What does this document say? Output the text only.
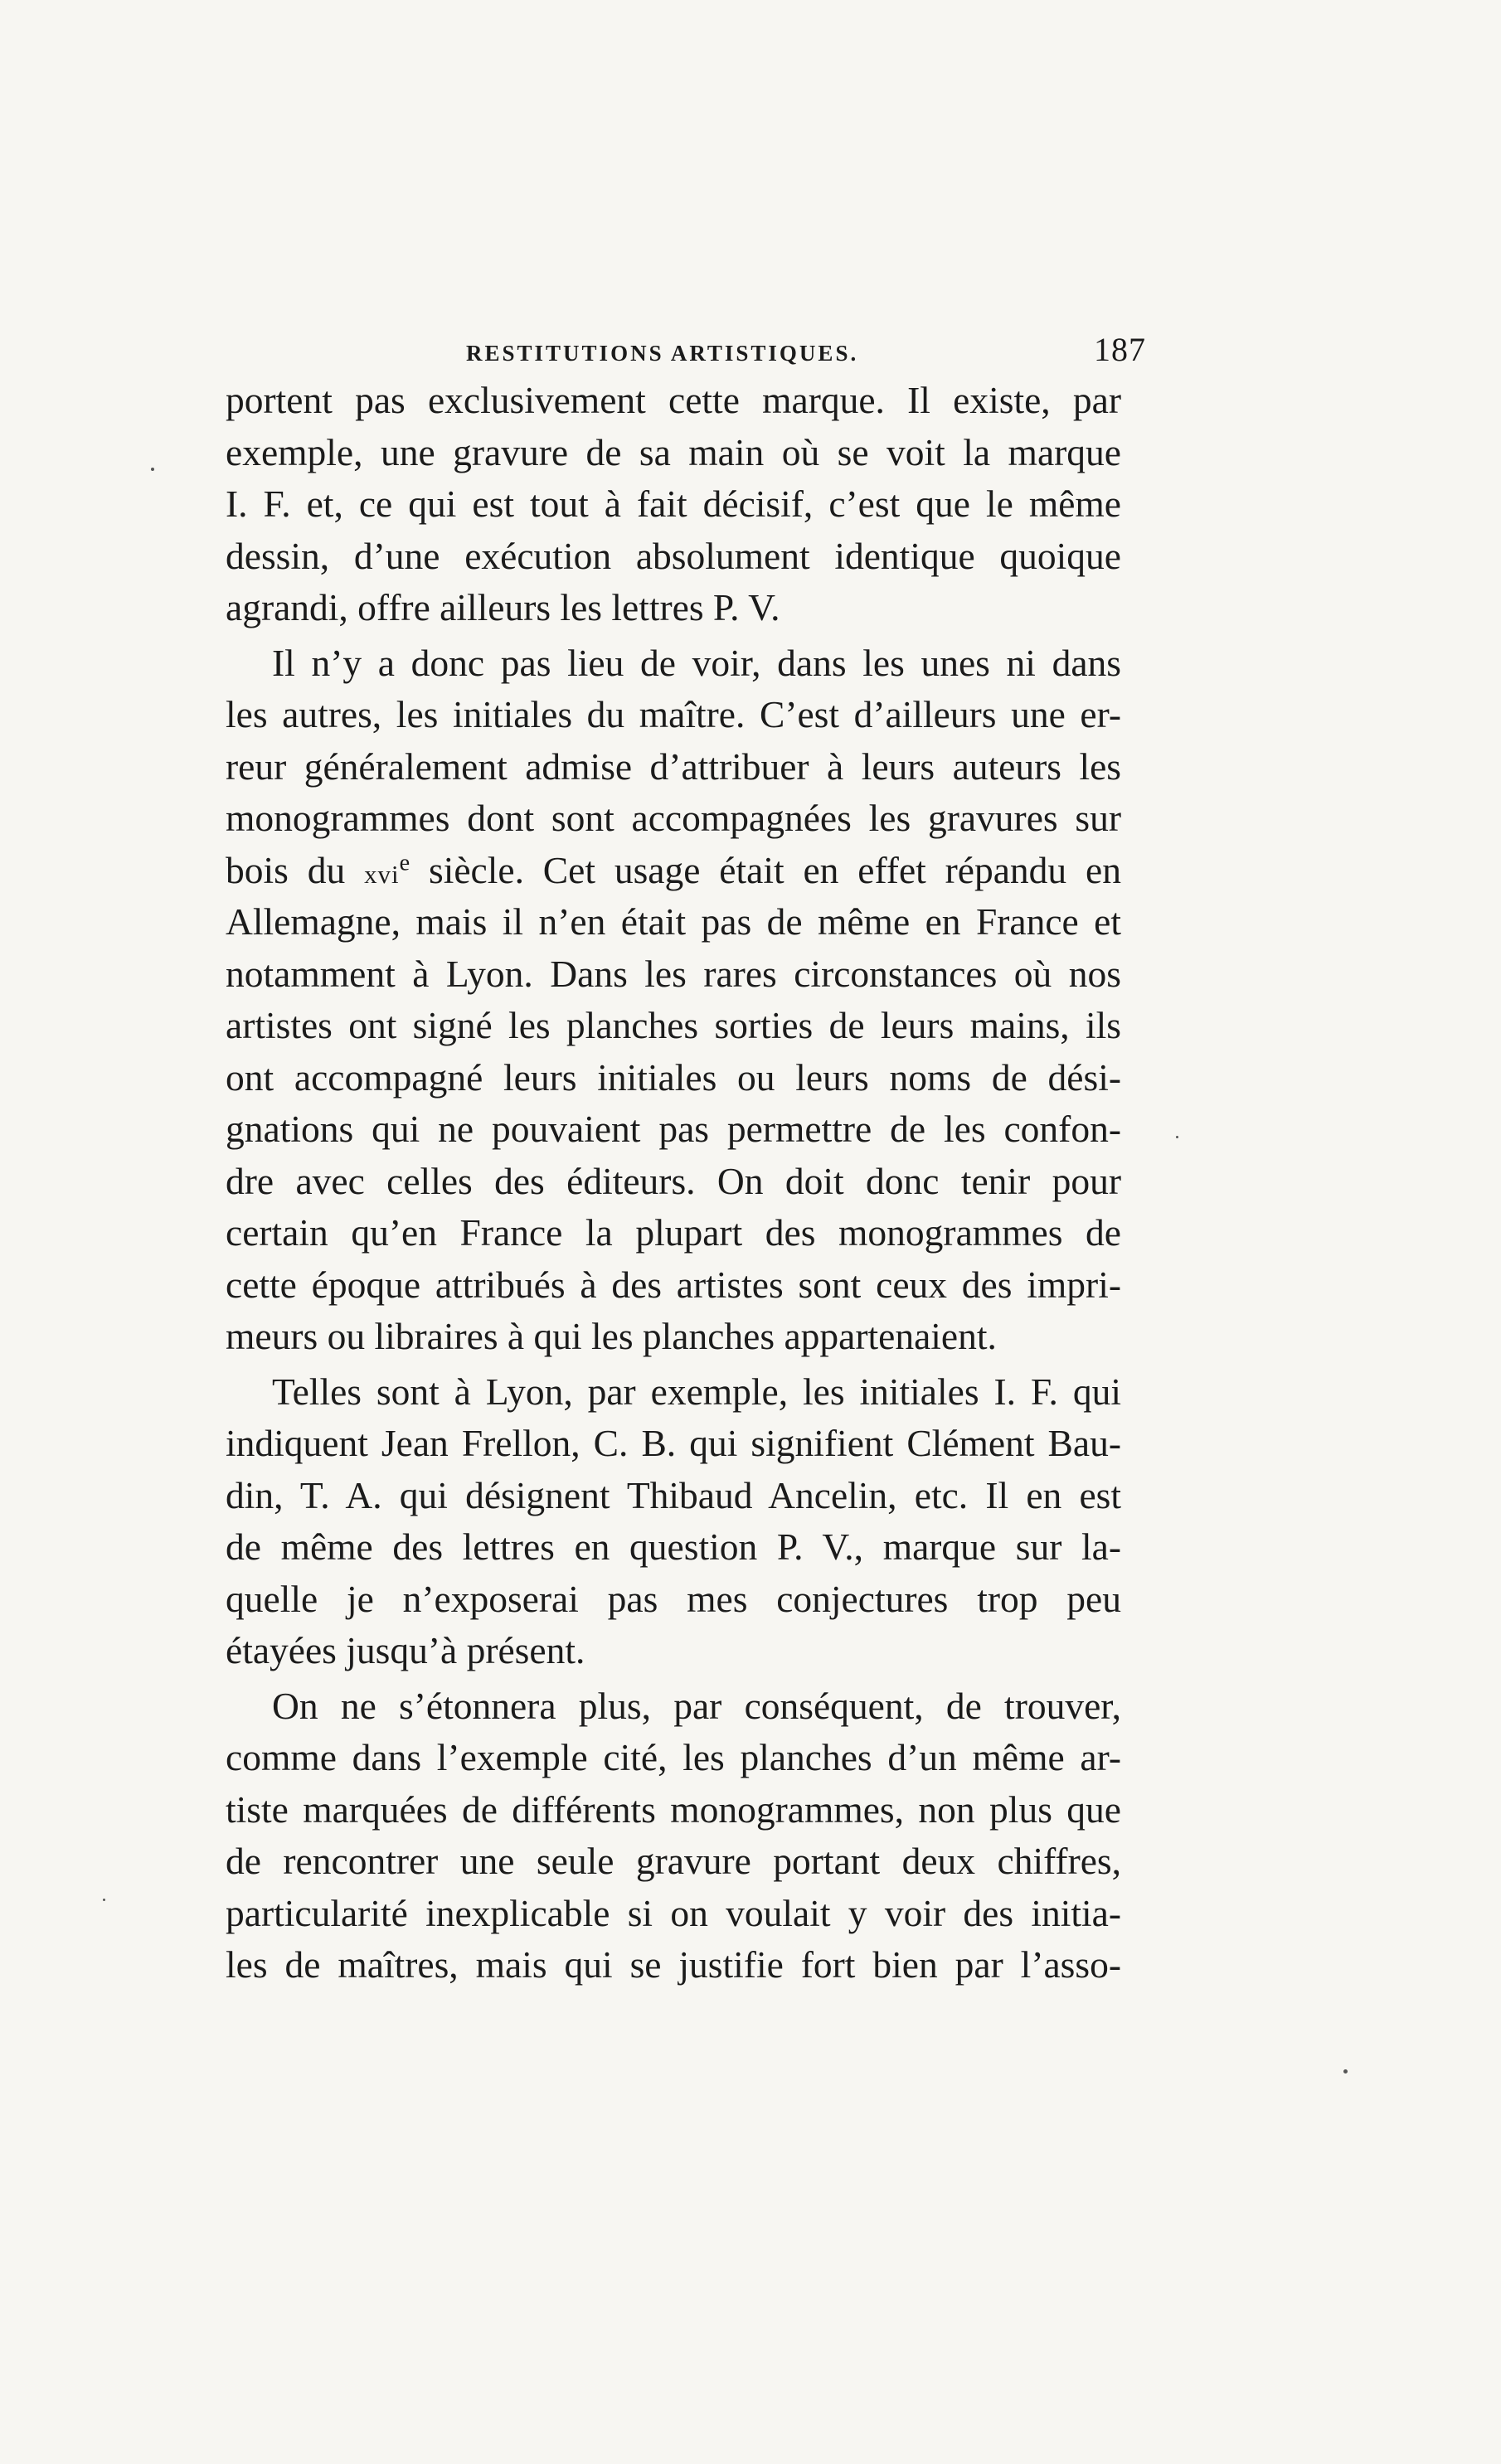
RESTITUTIONS ARTISTIQUES.	187
portent pas exclusivement cette marque. Il existe, par
exemple, une gravure de sa main où se voit la marque
I. F. et, ce qui est tout à fait décisif, c’est que le même
dessin, d’une exécution absolument identique quoique
agrandi, offre ailleurs les lettres P. V.
Il n’y a donc pas lieu de voir, dans les unes ni dans
les autres, les initiales du maître. C’est d’ailleurs une er-
reur généralement admise d’attribuer à leurs auteurs les
monogrammes dont sont accompagnées les gravures sur
bois du xvi$^e$ siècle. Cet usage était en effet répandu en
Allemagne, mais il n’en était pas de même en France et
notamment à Lyon. Dans les rares circonstances où nos
artistes ont signé les planches sorties de leurs mains, ils
ont accompagné leurs initiales ou leurs noms de dési-
gnations qui ne pouvaient pas permettre de les confon-
dre avec celles des éditeurs. On doit donc tenir pour
certain qu’en France la plupart des monogrammes de
cette époque attribués à des artistes sont ceux des impri-
meurs ou libraires à qui les planches appartenaient.
Telles sont à Lyon, par exemple, les initiales I. F. qui
indiquent Jean Frellon, C. B. qui signifient Clément Bau-
din, T. A. qui désignent Thibaud Ancelin, etc. Il en est
de même des lettres en question P. V., marque sur la-
quelle je n’exposerai pas mes conjectures trop peu
étayées jusqu’à présent.
On ne s’étonnera plus, par conséquent, de trouver,
comme dans l’exemple cité, les planches d’un même ar-
tiste marquées de différents monogrammes, non plus que
de rencontrer une seule gravure portant deux chiffres,
particularité inexplicable si on voulait y voir des initia-
les de maîtres, mais qui se justifie fort bien par l’asso-
